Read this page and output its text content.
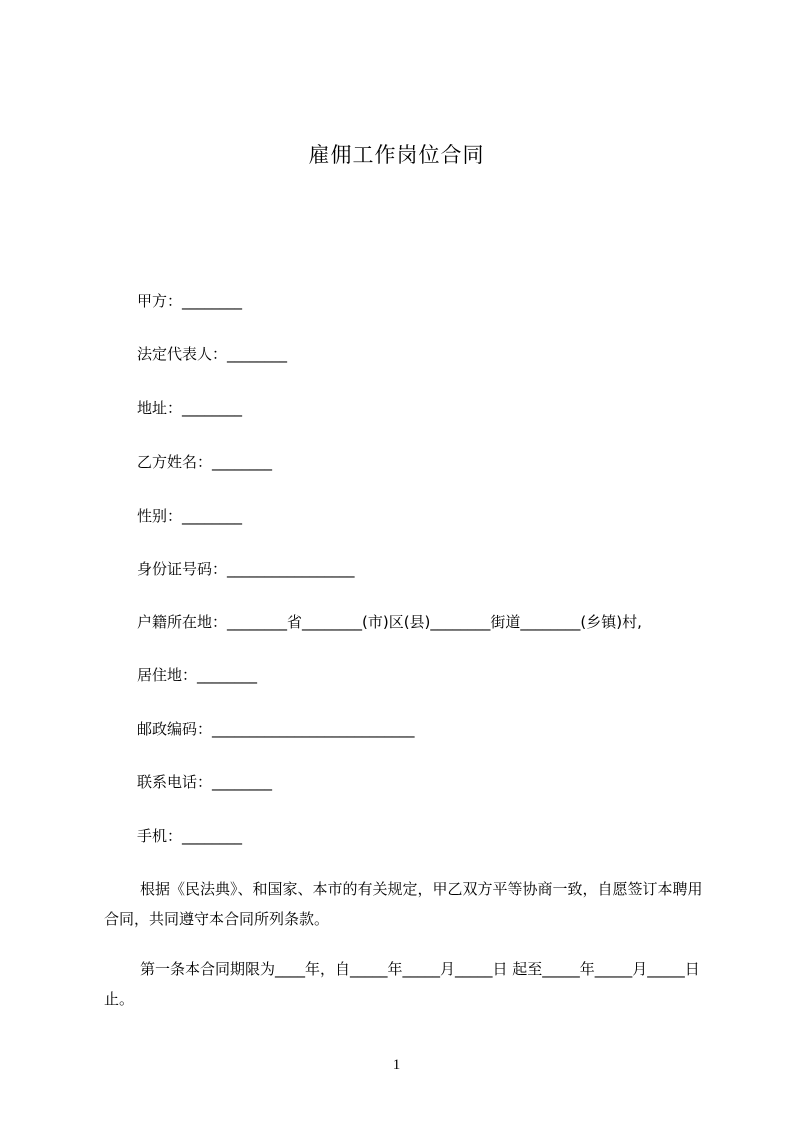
雇佣工作岗位合同
甲方：________
法定代表人：________
地址：________
乙方姓名：________
性别：________
身份证号码：_________________
户籍所在地：________省________(市)区(县)________街道________(乡镇)村,
居住地：________
邮政编码：___________________________
联系电话：________
手机：________
根据《民法典》、和国家、本市的有关规定，甲乙双方平等协商一致，自愿签订本聘用合同，共同遵守本合同所列条款。
第一条本合同期限为____年，自_____年_____月_____日 起至_____年_____月_____日 止。
1
